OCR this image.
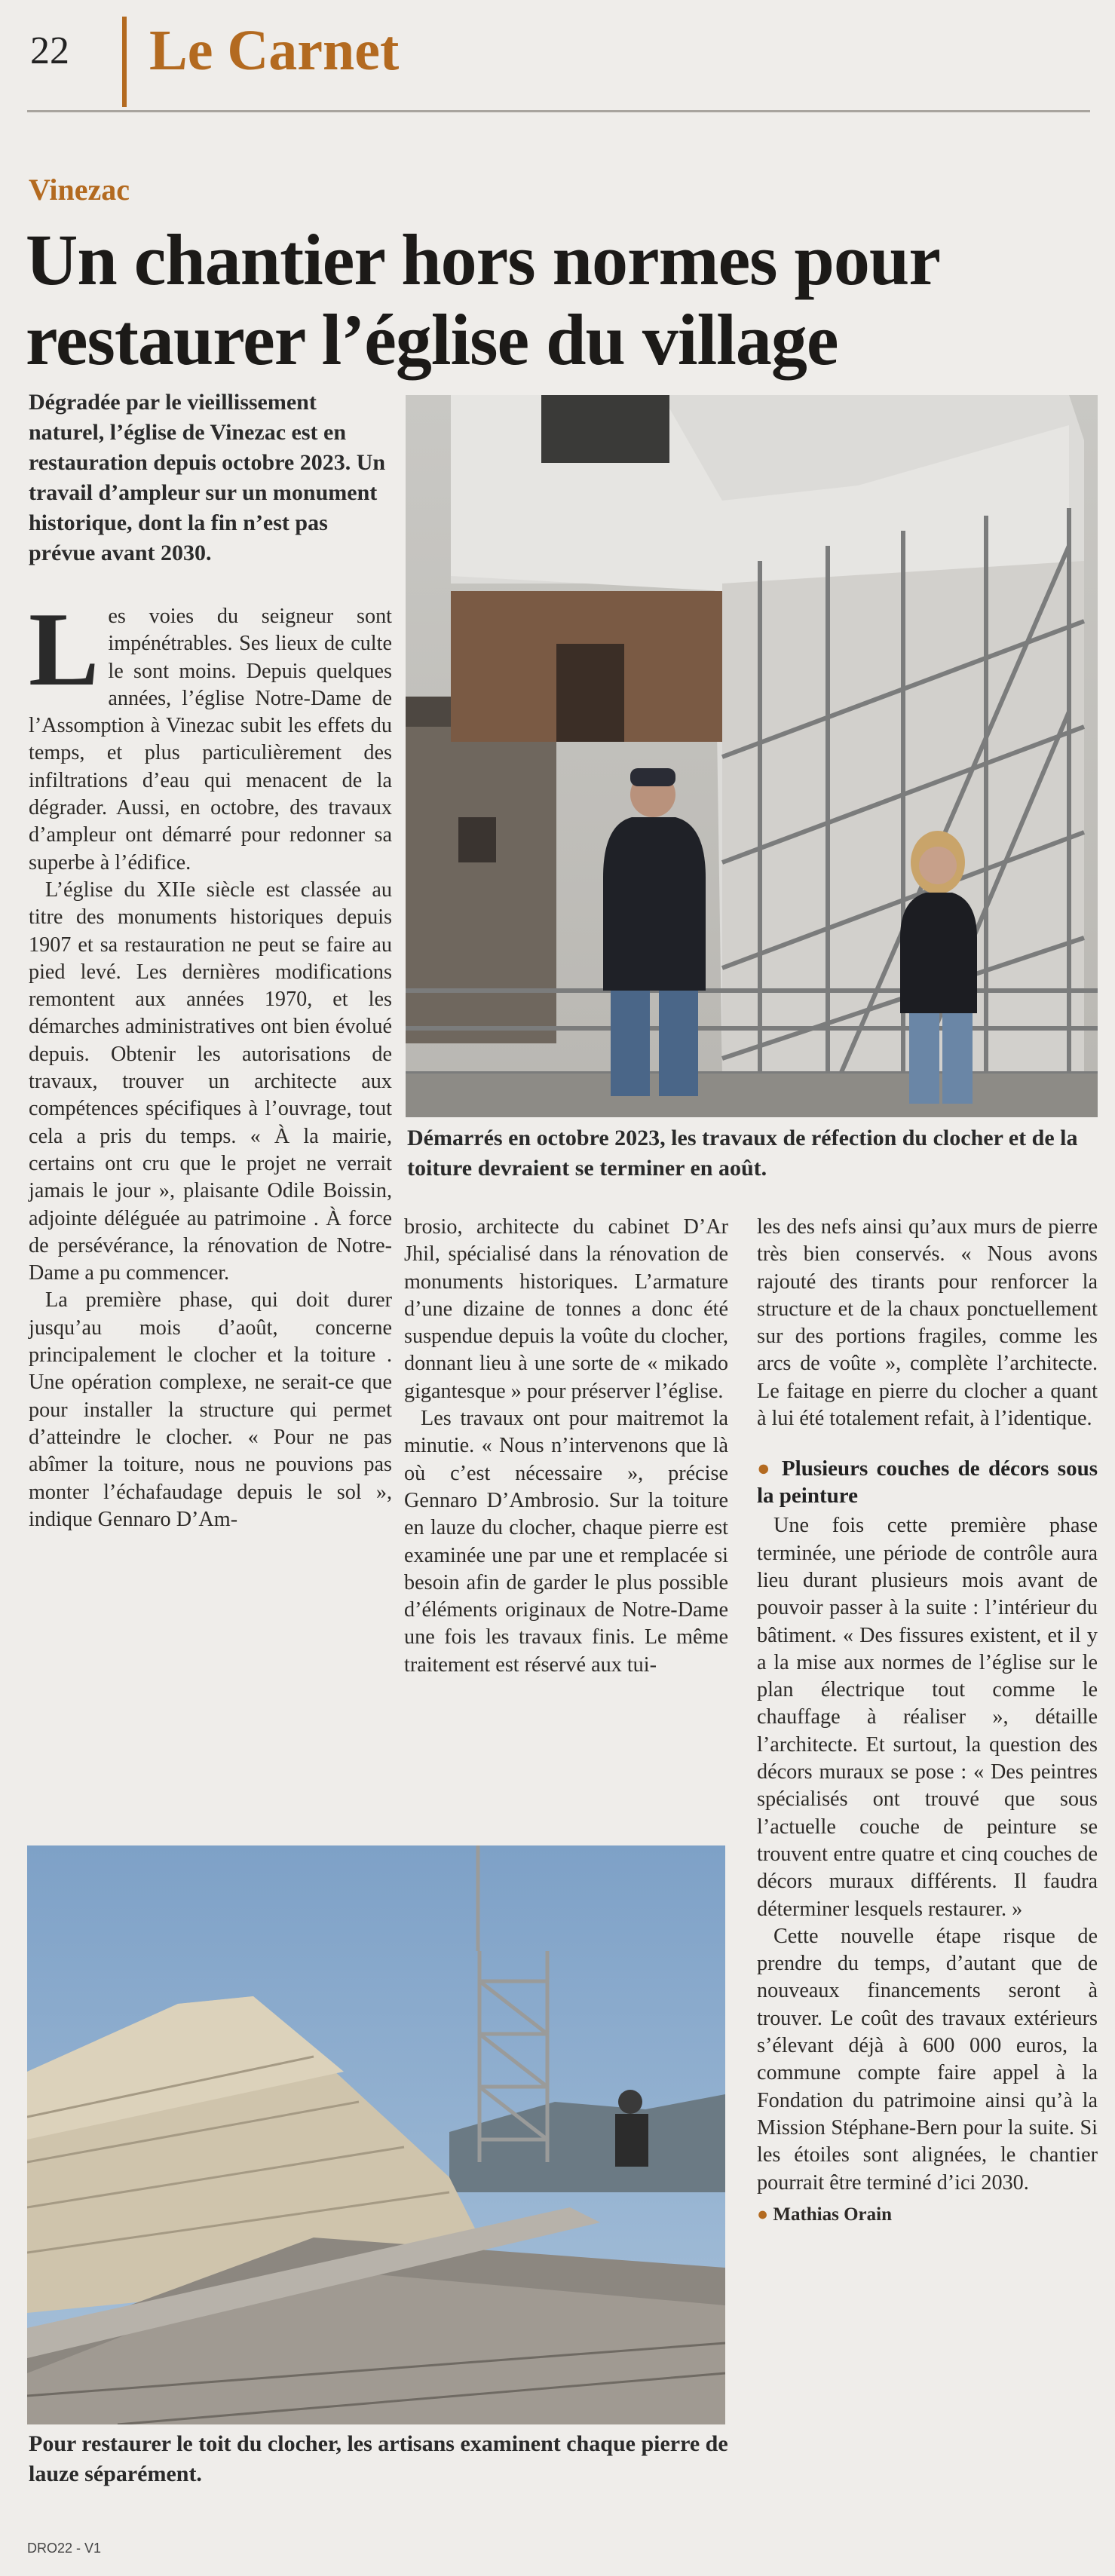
22 Le Carnet
Vinezac
Un chantier hors normes pour restaurer l’église du village
Dégradée par le vieillissement naturel, l’église de Vinezac est en restauration depuis octobre 2023. Un travail d’ampleur sur un monument historique, dont la fin n’est pas prévue avant 2030.
Démarrés en octobre 2023, les travaux de réfection du clocher et de la toiture devraient se terminer en août.

Les voies du seigneur sont impénétrables. Ses lieux de culte le sont moins. Depuis quelques années, l’église Notre-Dame de l’Assomption à Vinezac subit les effets du temps, et plus particulièrement des infiltrations d’eau qui menacent de la dégrader. Aussi, en octobre, des travaux d’ampleur ont démarré pour redonner sa superbe à l’édifice.

L’église du XIIe siècle est classée au titre des monuments historiques depuis 1907 et sa restauration ne peut se faire au pied levé. Les dernières modifications remontent aux années 1970, et les démarches administratives ont bien évolué depuis. Obtenir les autorisations de travaux, trouver un architecte aux compétences spécifiques à l’ouvrage, tout cela a pris du temps. « À la mairie, certains ont cru que le projet ne verrait jamais le jour », plaisante Odile Boissin, adjointe déléguée au patrimoine . À force de persévérance, la rénovation de Notre-Dame a pu commencer.

La première phase, qui doit durer jusqu’au mois d’août, concerne principalement le clocher et la toiture . Une opération complexe, ne serait-ce que pour installer la structure qui permet d’atteindre le clocher. « Pour ne pas abîmer la toiture, nous ne pouvions pas monter l’échafaudage depuis le sol », indique Gennaro D’Am-

brosio, architecte du cabinet D’Ar Jhil, spécialisé dans la rénovation de monuments historiques. L’armature d’une dizaine de tonnes a donc été suspendue depuis la voûte du clocher, donnant lieu à une sorte de « mikado gigantesque » pour préserver l’église.

Les travaux ont pour maitremot la minutie. « Nous n’intervenons que là où c’est nécessaire », précise Gennaro D’Ambrosio. Sur la toiture en lauze du clocher, chaque pierre est examinée une par une et remplacée si besoin afin de garder le plus possible d’éléments originaux de Notre-Dame une fois les travaux finis. Le même traitement est réservé aux tui-

les des nefs ainsi qu’aux murs de pierre très bien conservés. « Nous avons rajouté des tirants pour renforcer la structure et de la chaux ponctuellement sur des portions fragiles, comme les arcs de voûte », complète l’architecte. Le faitage en pierre du clocher a quant à lui été totalement refait, à l’identique.

● Plusieurs couches de décors sous la peinture

Une fois cette première phase terminée, une période de contrôle aura lieu durant plusieurs mois avant de pouvoir passer à la suite : l’intérieur du bâtiment. « Des fissures existent, et il y a la mise aux normes de l’église sur le plan électrique tout comme le chauffage à réaliser », détaille l’architecte. Et surtout, la question des décors muraux se pose : « Des peintres spécialisés ont trouvé que sous l’actuelle couche de peinture se trouvent entre quatre et cinq couches de décors muraux différents. Il faudra déterminer lesquels restaurer. »

Cette nouvelle étape risque de prendre du temps, d’autant que de nouveaux financements seront à trouver. Le coût des travaux extérieurs s’élevant déjà à 600 000 euros, la commune compte faire appel à la Fondation du patrimoine ainsi qu’à la Mission Stéphane-Bern pour la suite. Si les étoiles sont alignées, le chantier pourrait être terminé d’ici 2030.

● Mathias Orain
Pour restaurer le toit du clocher, les artisans examinent chaque pierre de lauze séparément.
DRO22 - V1
